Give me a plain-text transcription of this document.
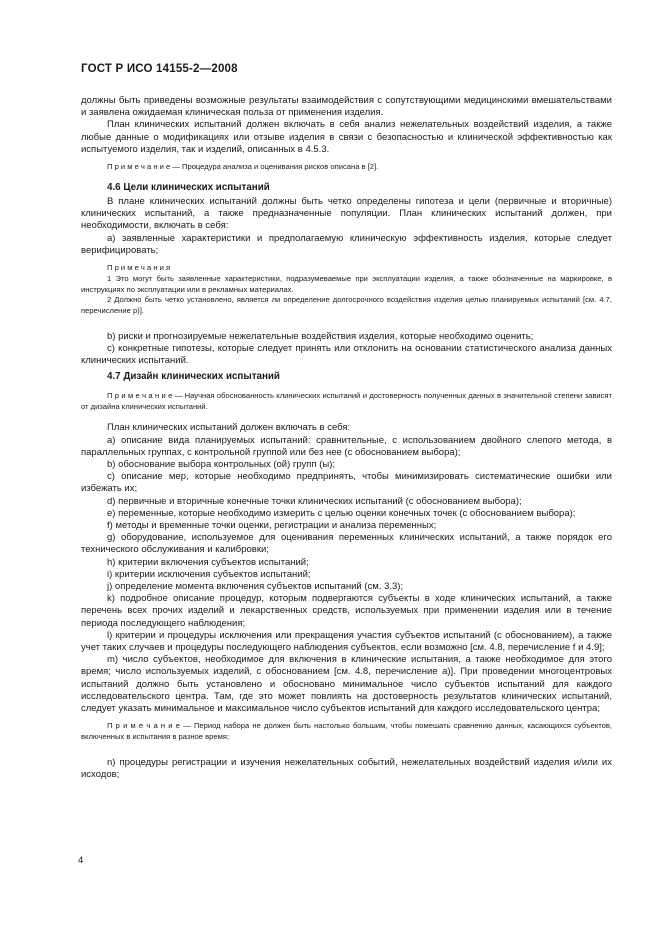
ГОСТ Р ИСО 14155-2—2008

должны быть приведены возможные результаты взаимодействия с сопутствующими медицинскими вмешательствами и заявлена ожидаемая клиническая польза от применения изделия.

План клинических испытаний должен включать в себя анализ нежелательных воздействий изделия, а также любые данные о модификациях или отзыве изделия в связи с безопасностью и клинической эффективностью как испытуемого изделия, так и изделий, описанных в 4.5.3.

П р и м е ч а н и е — Процедура анализа и оценивания рисков описана в [2].

4.6 Цели клинических испытаний

В плане клинических испытаний должны быть четко определены гипотеза и цели (первичные и вторичные) клинических испытаний, а также предназначенные популяции. План клинических испытаний должен, при необходимости, включать в себя:

а) заявленные характеристики и предполагаемую клиническую эффективность изделия, которые следует верифицировать;

П р и м е ч а н и я

1 Это могут быть заявленные характеристики, подразумеваемые при эксплуатации изделия, а также обозначенные на маркировке, в инструкциях по эксплуатации или в рекламных материалах.

2 Должно быть четко установлено, является ли определение долгосрочного воздействия изделия целью планируемых испытаний [см. 4.7, перечисление р)].

b) риски и прогнозируемые нежелательные воздействия изделия, которые необходимо оценить;

c) конкретные гипотезы, которые следует принять или отклонить на основании статистического анализа данных клинических испытаний.

4.7 Дизайн клинических испытаний

П р и м е ч а н и е — Научная обоснованность клинических испытаний и достоверность полученных данных в значительной степени зависят от дизайна клинических испытаний.

План клинических испытаний должен включать в себя:

а) описание вида планируемых испытаний: сравнительные, с использованием двойного слепого метода, в параллельных группах, с контрольной группой или без нее (с обоснованием выбора);

b) обоснование выбора контрольных (ой) групп (ы);

c) описание мер, которые необходимо предпринять, чтобы минимизировать систематические ошибки или избежать их;

d) первичные и вторичные конечные точки клинических испытаний (с обоснованием выбора);

e) переменные, которые необходимо измерить с целью оценки конечных точек (с обоснованием выбора);

f) методы и временные точки оценки, регистрации и анализа переменных;

g) оборудование, используемое для оценивания переменных клинических испытаний, а также порядок его технического обслуживания и калибровки;

h) критерии включения субъектов испытаний;

i) критерии исключения субъектов испытаний;

j) определение момента включения субъектов испытаний (см. 3.3);

k) подробное описание процедур, которым подвергаются субъекты в ходе клинических испытаний, а также перечень всех прочих изделий и лекарственных средств, используемых при применении изделия или в течение периода последующего наблюдения;

l) критерии и процедуры исключения или прекращения участия субъектов испытаний (с обоснованием), а также учет таких случаев и процедуры последующего наблюдения субъектов, если возможно [см. 4.8, перечисление f и 4.9];

m) число субъектов, необходимое для включения в клинические испытания, а также необходимое для этого время; число используемых изделий, с обоснованием [см. 4.8, перечисление а)]. При проведении многоцентровых испытаний должно быть установлено и обосновано минимальное число субъектов испытаний для каждого исследовательского центра. Там, где это может повлиять на достоверность результатов клинических испытаний, следует указать минимальное и максимальное число субъектов испытаний для каждого исследовательского центра;

П р и м е ч а н и е — Период набора не должен быть настолько большим, чтобы помешать сравнению данных, касающихся субъектов, включенных в испытания в разное время;

n) процедуры регистрации и изучения нежелательных событий, нежелательных воздействий изделия и/или их исходов;

4
